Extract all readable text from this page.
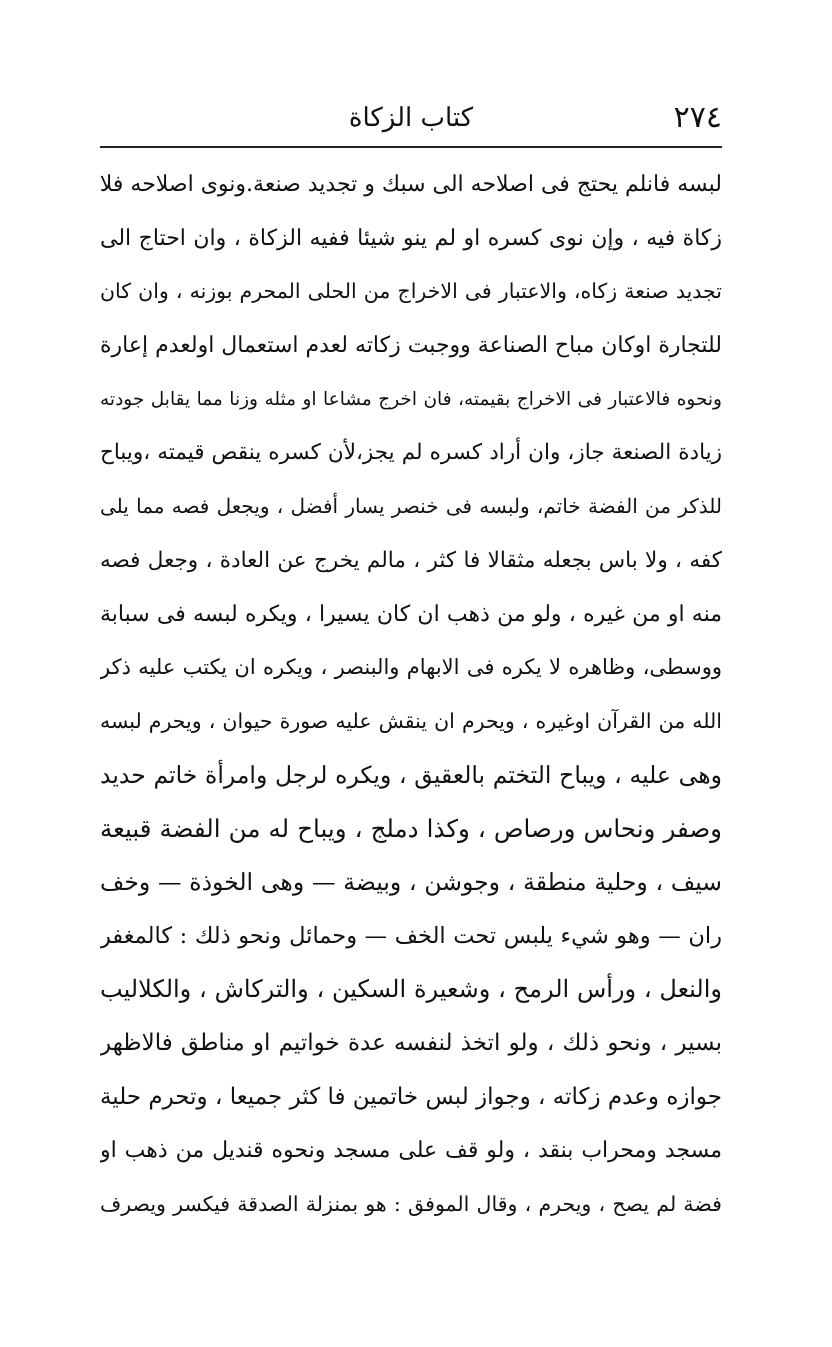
٢٧٤
كتاب الزكاة
لبسه فانلم يحتج فى اصلاحه الى سبك و تجديد صنعة.ونوى اصلاحه فلا
زكاة فيه ، وإن نوى كسره او لم ينو شيئا ففيه الزكاة ، وان احتاج الى
تجديد صنعة زكاه، والاعتبار فى الاخراج من الحلى المحرم بوزنه ، وان كان
للتجارة اوكان مباح الصناعة ووجبت زكاته لعدم استعمال اولعدم إعارة
ونحوه فالاعتبار فى الاخراج بقيمته، فان اخرج مشاعا او مثله وزنا مما يقابل جودته
زيادة الصنعة جاز، وان أراد كسره لم يجز،لأن كسره ينقص قيمته ،ويباح
للذكر من الفضة خاتم، ولبسه فى خنصر يسار أفضل ، ويجعل فصه مما يلى
كفه ، ولا باس بجعله مثقالا فا كثر ، مالم يخرج عن العادة ، وجعل فصه
منه او من غيره ، ولو من ذهب ان كان يسيرا ، ويكره لبسه فى سبابة
ووسطى، وظاهره لا يكره فى الابهام والبنصر ، ويكره ان يكتب عليه ذكر
الله من القرآن اوغيره ، ويحرم ان ينقش عليه صورة حيوان ، ويحرم لبسه
وهى عليه ، ويباح التختم بالعقيق ، ويكره لرجل وامرأة خاتم حديد
وصفر ونحاس ورصاص ، وكذا دملج ، ويباح له من الفضة قبيعة
سيف ، وحلية منطقة ، وجوشن ، وبيضة — وهى الخوذة — وخف
ران — وهو شيء يلبس تحت الخف — وحمائل ونحو ذلك : كالمغفر
والنعل ، ورأس الرمح ، وشعيرة السكين ، والتركاش ، والكلاليب
بسير ، ونحو ذلك ، ولو اتخذ لنفسه عدة خواتيم او مناطق فالاظهر
جوازه وعدم زكاته ، وجواز لبس خاتمين فا كثر جميعا ، وتحرم حلية
مسجد ومحراب بنقد ، ولو قف على مسجد ونحوه قنديل من ذهب او
فضة لم يصح ، ويحرم ، وقال الموفق : هو بمنزلة الصدقة فيكسر ويصرف
